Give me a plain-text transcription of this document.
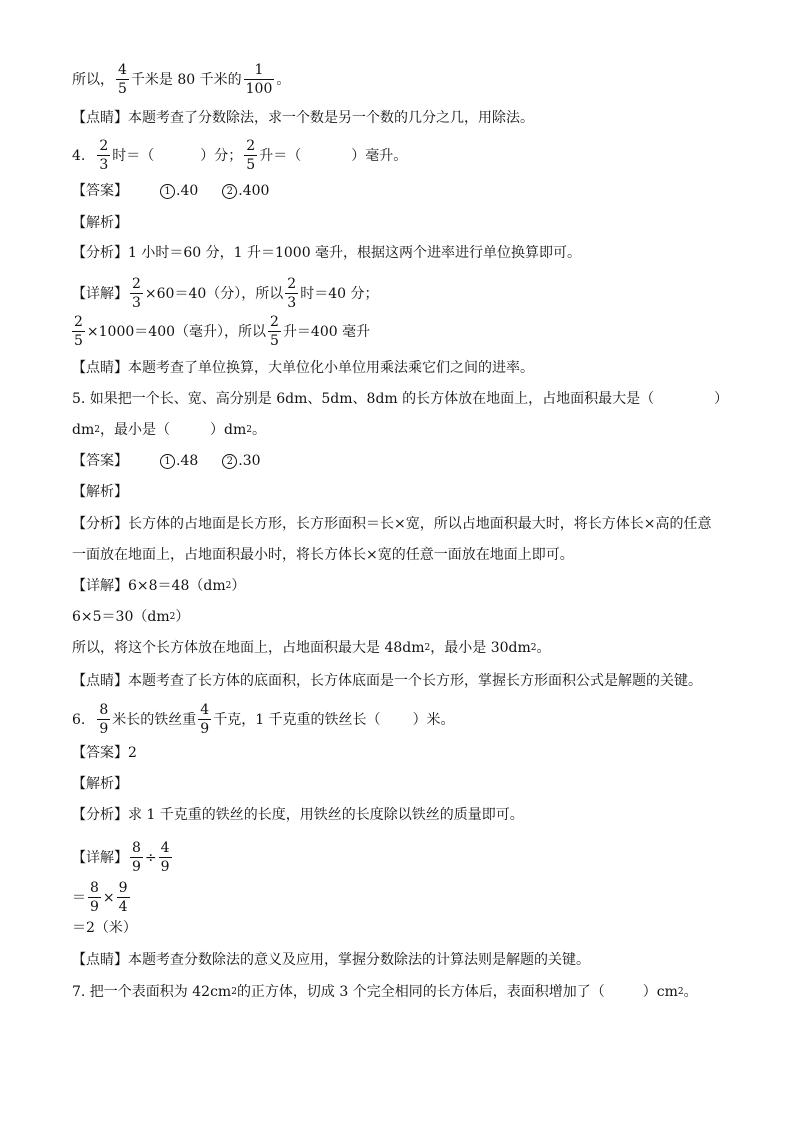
所以， $\frac{4}{5}$ 千米是 80 千米的 $\frac{1}{100}$ 。
【点睛】本题考查了分数除法，求一个数是另一个数的几分之几，用除法。
4. $\frac{2}{3}$ 时＝（	）分； $\frac{2}{5}$ 升＝（	）毫升。
【答案】	1 .40	2 .400
【解析】
【分析】1 小时＝60 分，1 升＝1000 毫升，根据这两个进率进行单位换算即可。
【详解】 $\frac{2}{3} \times 60=40$（分），所以 $\frac{2}{3}$ 时＝40 分；
$\frac{2}{5} \times 1000=400$（毫升），所以 $\frac{2}{5}$ 升＝400 毫升
【点睛】本题考查了单位换算，大单位化小单位用乘法乘它们之间的进率。
5. 如果把一个长、宽、高分别是 6dm、5dm、8dm 的长方体放在地面上，占地面积最大是（	）
dm 2 ，最小是（	）dm 2 。
【答案】	1 .48	2 .30
【解析】
【分析】长方体的占地面是长方形，长方形面积＝长×宽，所以占地面积最大时，将长方体长×高的任意
一面放在地面上，占地面积最小时，将长方体长×宽的任意一面放在地面上即可。
【详解】6×8＝48（dm 2 ）
6×5＝30（dm 2 ）
所以，将这个长方体放在地面上，占地面积最大是 48dm 2 ，最小是 30dm 2 。
【点睛】本题考查了长方体的底面积，长方体底面是一个长方形，掌握长方形面积公式是解题的关键。
6. $\frac{8}{9}$ 米长的铁丝重 $\frac{4}{9}$ 千克，1 千克重的铁丝长（ ）米。
【答案】2
【解析】
【分析】求 1 千克重的铁丝的长度，用铁丝的长度除以铁丝的质量即可。
【详解】 $\frac{8}{9} \div \frac{4}{9}$
＝ $\frac{8}{9} \times \frac{9}{4}$
＝2（米）
【点睛】本题考查分数除法的意义及应用，掌握分数除法的计算法则是解题的关键。
7. 把一个表面积为 42cm 2 的正方体，切成 3 个完全相同的长方体后，表面积增加了（	）cm 2 。
